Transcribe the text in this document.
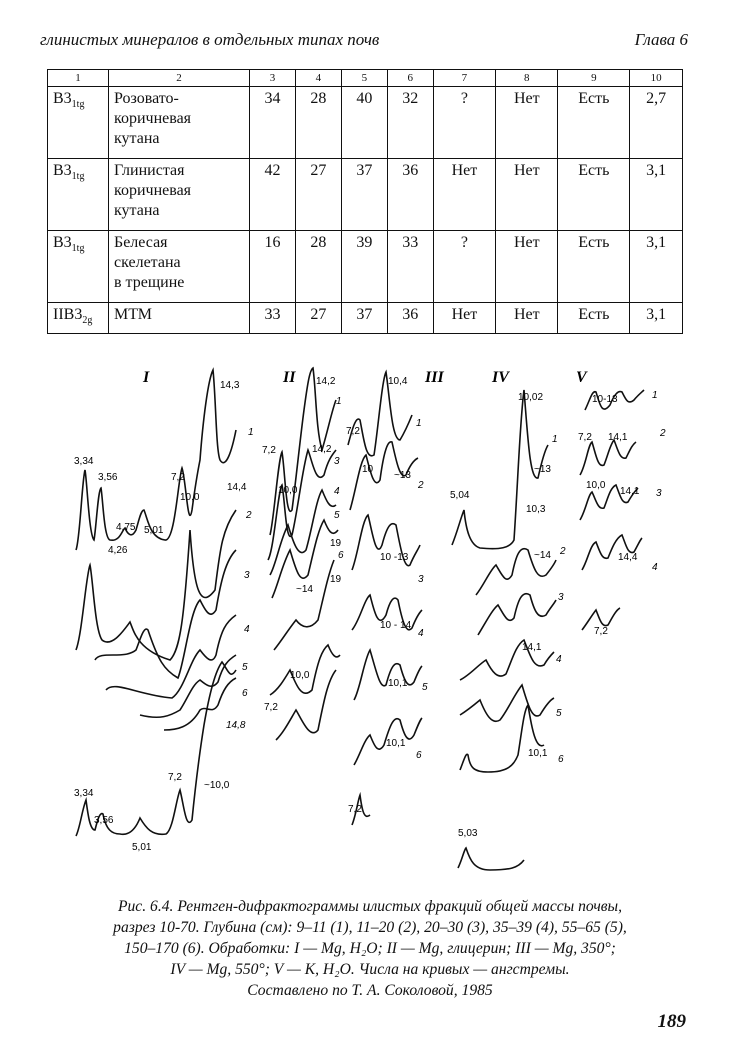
глинистых минералов в отдельных типах почв	Глава 6
1	2	3	4	5	6	7	8	9	10
$B3_{1tg}$	Розовато-
коричневая
кутана	34	28	40	32	?	Нет	Есть	2,7
$B3_{1tg}$	Глинистая
коричневая
кутана	42	27	37	36	Нет	Нет	Есть	3,1
$B3_{1tg}$	Белесая
скелетана
в трещине	16	28	39	33	?	Нет	Есть	3,1
$IIB3_{2g}$	МТМ	33	27	37	36	Нет	Нет	Есть	3,1
I	II	III	IV	V
14,3
3,34
3,56	7,2
10,0
14,4
4,75 5,01
4,26
1
2
3
4
5
6
14,8
3,34
3,56
5,01
7,2
~10,0
14,2
1
7,2	14,2
3
10,0	4
5
19
~14
19
6
10,0
7,2
10,4
1
7,2
10
~13
2
10 -13
3
10 - 14
4
10,1 5
10,1
6
7,2
10,02
1
~13
5,04
10,3
~14 2
3
14,1
4
5
10,1
6
5,03
10-13	1
7,2 14,1	2
10,0
14,1 3
14,4
4
7,2
Рис. 6.4. Рентген-дифрактограммы илистых фракций общей массы почвы,
разрез 10-70. Глубина (см): 9–11 (1), 11–20 (2), 20–30 (3), 35–39 (4), 55–65 (5),
150–170 (6). Обработки: I — Mg, H₂O; II — Mg, глицерин; III — Mg, 350°;
IV — Mg, 550°; V — K, H₂O. Числа на кривых — ангстремы.
Составлено по Т. А. Соколовой, 1985
189
